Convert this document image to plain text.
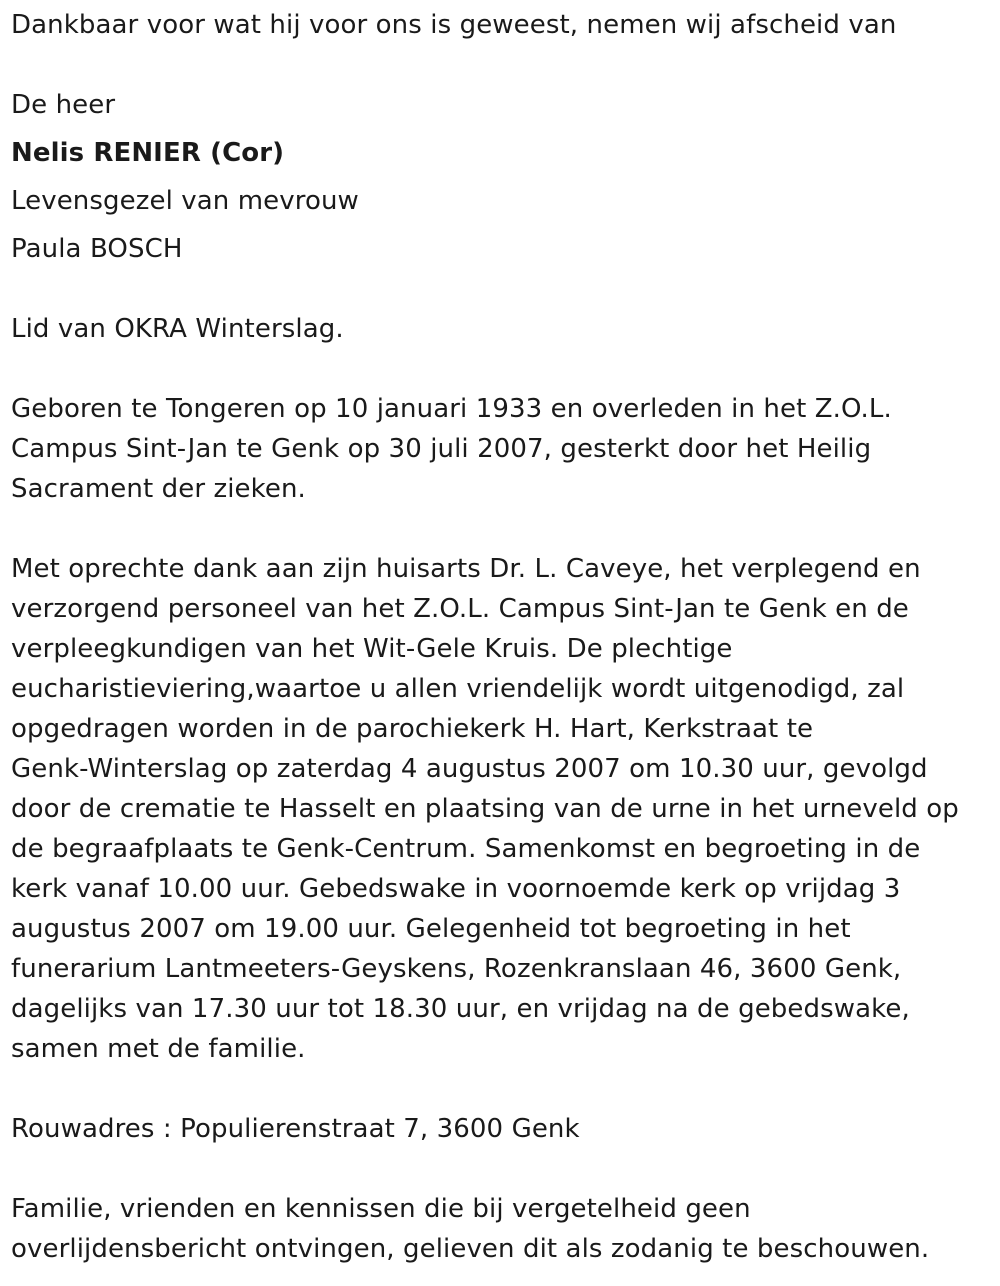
Dankbaar voor wat hij voor ons is geweest, nemen wij afscheid van
De heer
Nelis RENIER (Cor)
Levensgezel van mevrouw
Paula BOSCH
Lid van OKRA Winterslag.
Geboren te Tongeren op 10 januari 1933 en overleden in het Z.O.L.
Campus Sint-Jan te Genk op 30 juli 2007, gesterkt door het Heilig
Sacrament der zieken.
Met oprechte dank aan zijn huisarts Dr. L. Caveye, het verplegend en
verzorgend personeel van het Z.O.L. Campus Sint-Jan te Genk en de
verpleegkundigen van het Wit-Gele Kruis. De plechtige
eucharistieviering,waartoe u allen vriendelijk wordt uitgenodigd, zal
opgedragen worden in de parochiekerk H. Hart, Kerkstraat te
Genk-Winterslag op zaterdag 4 augustus 2007 om 10.30 uur, gevolgd
door de crematie te Hasselt en plaatsing van de urne in het urneveld op
de begraafplaats te Genk-Centrum. Samenkomst en begroeting in de
kerk vanaf 10.00 uur. Gebedswake in voornoemde kerk op vrijdag 3
augustus 2007 om 19.00 uur. Gelegenheid tot begroeting in het
funerarium Lantmeeters-Geyskens, Rozenkranslaan 46, 3600 Genk,
dagelijks van 17.30 uur tot 18.30 uur, en vrijdag na de gebedswake,
samen met de familie.
Rouwadres : Populierenstraat 7, 3600 Genk
Familie, vrienden en kennissen die bij vergetelheid geen
overlijdensbericht ontvingen, gelieven dit als zodanig te beschouwen.
